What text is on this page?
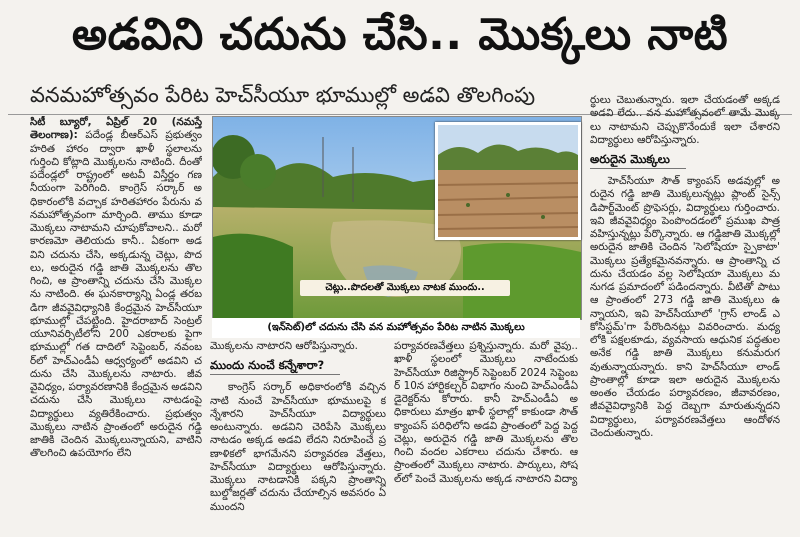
అడవిని చదును చేసి.. మొక్కలు నాటి
వనమహోత్సవం పేరిట హెచ్‌సీయూ భూముల్లో అడవి తొలగింపు

సిటీ బ్యూరో, ఏప్రిల్ 20 (నమస్తే తెలంగాణ): పదేండ్ల బీఆర్‌ఎస్ ప్రభుత్వం హరిత హారం ద్వారా ఖాళీ స్థలాలను గుర్తించి కోట్లాది మొక్కలను నాటింది. దీంతో పదేండ్లలో రాష్ట్రంలో అటవీ విస్తీర్ణం గణనీయంగా పెరిగింది. కాంగ్రెస్ సర్కార్ అధికారంలోకి వచ్చాక హరితహారం పేరును వనమహోత్సవంగా మార్చింది. తాము కూడా మొక్కలు నాటామని చూపుకోవాలని.. మరో కారణమో తెలియదు కానీ.. ఏకంగా అడవిని చదును చేసి, అక్కడున్న చెట్లు, పొదలు, అరుదైన గడ్డి జాతి మొక్కలను తొలగించి, ఆ ప్రాంతాన్ని చదును చేసి మొక్కలను నాటింది. ఈ ఘనకార్యాన్ని ఏండ్ల తరబడిగా జీవవైవిధ్యానికి కేంద్రమైన హెచ్‌సీయూ భూముల్లో చేపట్టింది. హైదరాబాద్ సెంట్రల్ యూనివర్సిటీలోని 200 ఎకరాలకు పైగా భూముల్లో గత దాదిలో సెప్టెంబర్, నవంబర్‌లో హెచ్‌ఎండీఏ ఆధ్వర్యంలో అడవిని చదును చేసి మొక్కలను నాటారు. జీవవైవిధ్యం, పర్యావరణానికి కేంద్రమైన అడవిని చదును చేసి మొక్కలు నాటడంపై విద్యార్థులు వ్యతిరేకించారు. ప్రభుత్వం మొక్కలు నాటిన ప్రాంతంలో అరుదైన గడ్డి జాతికి చెందిన మొక్కలున్నాయని, వాటిని తొలగించి ఉపయోగం లేని

చెట్లు..పొదలతో మొక్కలు నాటక ముందు..
(ఇన్‌సెట్)లో చదును చేసి వన మహోత్సవం పేరిట నాటిన మొక్కలు

మొక్కలను నాటారని ఆరోపిస్తున్నారు.

ముందు నుంచే కన్నేశారా?

కాంగ్రెస్ సర్కార్ అధికారంలోకి వచ్చిన నాటి నుంచే హెచ్‌సీయూ భూములపై కన్నేశారని హెచ్‌సీయూ విద్యార్థులు అంటున్నారు. అడవిని చెరిపేసి మొక్కలు నాటడం అక్కడ అడవి లేదని నిరూపించే ప్రణాళికలో భాగమేనని పర్యావరణ వేత్తలు, హెచ్‌సీయూ విద్యార్థులు ఆరోపిస్తున్నారు. మొక్కలు నాటడానికి పక్కని ప్రాంతాన్ని బుల్డోజర్లతో చదును చేయాల్సిన అవసరం ఏముందని

పర్యావరణవేత్తలు ప్రశ్నిస్తున్నారు. మరో వైపు.. ఖాళీ స్థలంలో మొక్కలు నాటేందుకు హెచ్‌సీయూ రిజిస్ట్రార్ సెప్టెంబర్ 2024 సెప్టెంబర్ 10న హార్టికల్చర్ విభాగం నుంచి హెచ్‌ఎండీఏ డైరెక్టర్‌ను కోరారు. కానీ హెచ్‌ఎండీఏ అధికారులు మాత్రం ఖాళీ స్థలాల్లో కాకుండా సౌత్ క్యాంపస్ పరిధిలోని అడవి ప్రాంతంలో పెద్ద పెద్ద చెట్లు, అరుదైన గడ్డి జాతి మొక్కలను తొలగించి వందల ఎకరాలు చదును చేశారు. ఆ ప్రాంతంలో మొక్కలు నాటారు. పార్కులు, సోషల్‌లో పెంచే మొక్కలను అక్కడ నాటారని విద్యా

ర్థులు చెబుతున్నారు. ఇలా చేయడంతో అక్కడ అడవి లేదు.. వన మహోత్సవంలో తామే మొక్కలు నాటామని చెప్పుకొనేందుకే ఇలా చేశారని విద్యార్థులు ఆరోపిస్తున్నారు.

అరుదైన మొక్కలు

హెచ్‌సీయూ సౌత్ క్యాంపస్ అడవుల్లో అరుదైన గడ్డి జాతి మొక్కలున్నట్లు ప్లాంట్ సైన్స్ డిపార్ట్‌మెంట్ ప్రొఫెసర్లు, విద్యార్థులు గుర్తించారు. ఇవి జీవవైవిధ్యం పెంపొందడంలో ప్రముఖ పాత్ర వహిస్తున్నట్లు పేర్కొన్నారు. ఆ గడ్డిజాతి మొక్కల్లో అరుదైన జాతికి చెందిన 'సెలోషియా స్పైకాటా' మొక్కలు ప్రత్యేకమైనవన్నారు. ఆ ప్రాంతాన్ని చదును చేయడం వల్ల సెలోషియా మొక్కలు మనుగడ ప్రమాదంలో పడిందన్నారు. వీటితో పాటు ఆ ప్రాంతంలో 273 గడ్డి జాతి మొక్కలు ఉన్నాయని, ఇవి హెచ్‌సీయూలో 'గ్రాస్ లాండ్ ఎకోసిస్టమ్'గా పేరొందినట్లు వివరించారు. మధ్యలోకి పక్షలకూడు, వ్యవసాయ ఆధునిక పద్ధతుల అనేక గడ్డి జాతి మొక్కలు కనుమరుగవుతున్నాయన్నారు. కాని హెచ్‌సీయూ లాండ్ ప్రాంతాల్లో కూడా ఇలా అరుదైన మొక్కలను అంతం చేయడం పర్యావరణం, జీవావరణం, జీవవైవిధ్యానికి పెద్ద దెబ్బగా మారుతున్నదని విద్యార్థులు, పర్యావరణవేత్తలు ఆందోళన చెందుతున్నారు.
